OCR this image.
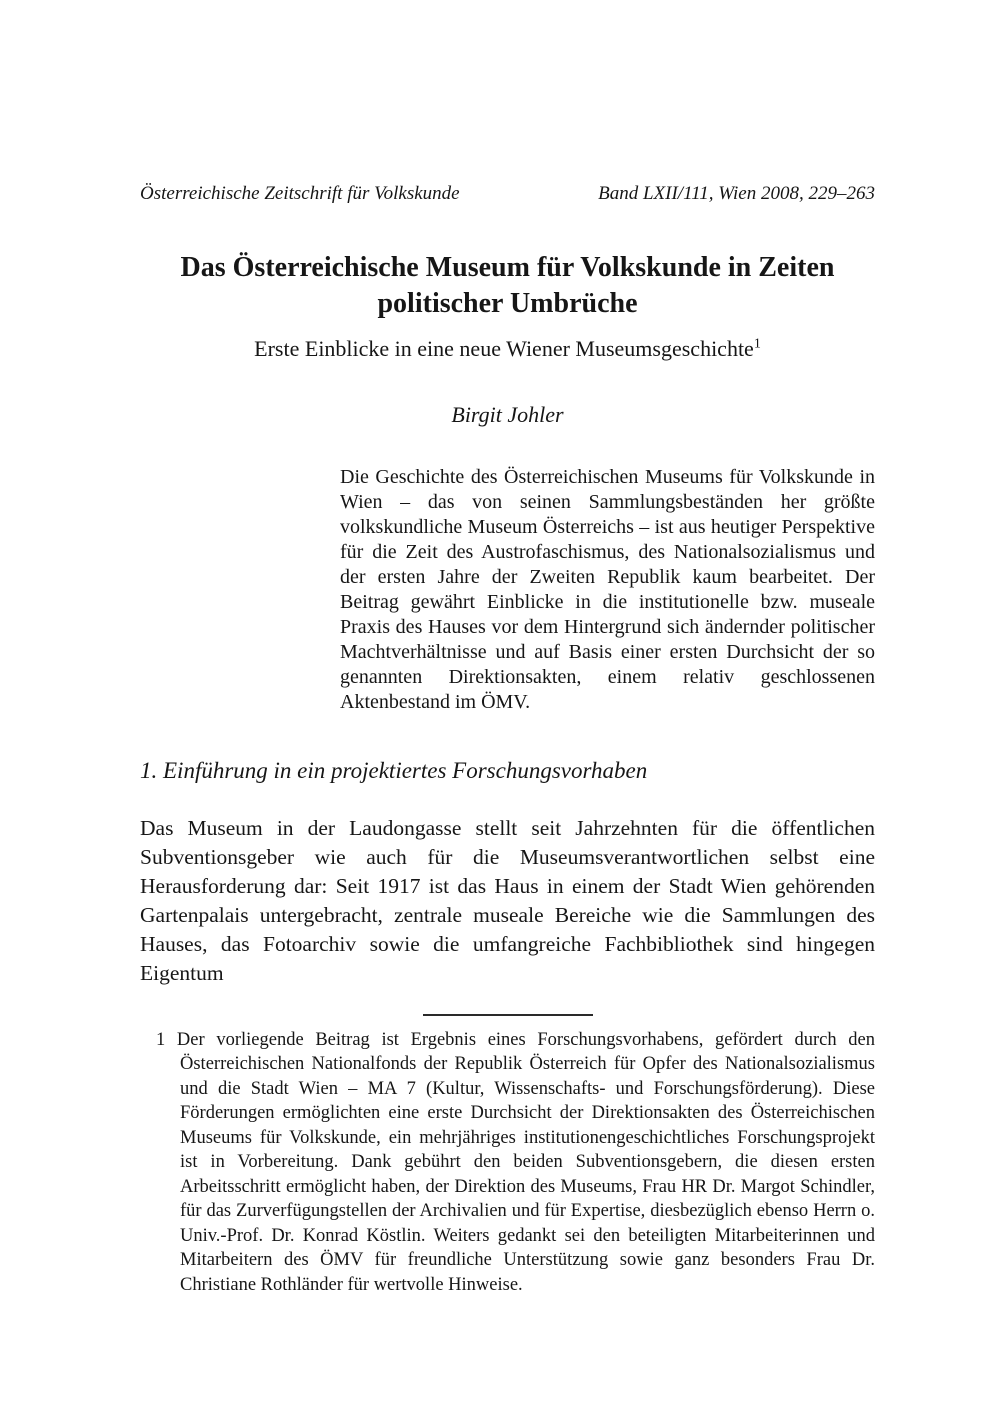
Österreichische Zeitschrift für Volkskunde	Band LXII/111, Wien 2008, 229–263
Das Österreichische Museum für Volkskunde in Zeiten politischer Umbrüche
Erste Einblicke in eine neue Wiener Museumsgeschichte$^1$
Birgit Johler

Die Geschichte des Österreichischen Museums für Volkskunde in Wien – das von seinen Sammlungsbeständen her größte volkskundliche Museum Österreichs – ist aus heutiger Perspektive für die Zeit des Austrofaschismus, des Nationalsozialismus und der ersten Jahre der Zweiten Republik kaum bearbeitet. Der Beitrag gewährt Einblicke in die institutionelle bzw. museale Praxis des Hauses vor dem Hintergrund sich ändernder politischer Machtverhältnisse und auf Basis einer ersten Durchsicht der so genannten Direktionsakten, einem relativ geschlossenen Aktenbestand im ÖMV.

1. Einführung in ein projektiertes Forschungsvorhaben

Das Museum in der Laudongasse stellt seit Jahrzehnten für die öffentlichen Subventionsgeber wie auch für die Museumsverantwortlichen selbst eine Herausforderung dar: Seit 1917 ist das Haus in einem der Stadt Wien gehörenden Gartenpalais untergebracht, zentrale museale Bereiche wie die Sammlungen des Hauses, das Fotoarchiv sowie die umfangreiche Fachbibliothek sind hingegen Eigentum

1 Der vorliegende Beitrag ist Ergebnis eines Forschungsvorhabens, gefördert durch den Österreichischen Nationalfonds der Republik Österreich für Opfer des Nationalsozialismus und die Stadt Wien – MA 7 (Kultur, Wissenschafts- und Forschungsförderung). Diese Förderungen ermöglichten eine erste Durchsicht der Direktionsakten des Österreichischen Museums für Volkskunde, ein mehrjähriges institutionengeschichtliches Forschungsprojekt ist in Vorbereitung. Dank gebührt den beiden Subventionsgebern, die diesen ersten Arbeitsschritt ermöglicht haben, der Direktion des Museums, Frau HR Dr. Margot Schindler, für das Zurverfügungstellen der Archivalien und für Expertise, diesbezüglich ebenso Herrn o. Univ.-Prof. Dr. Konrad Köstlin. Weiters gedankt sei den beteiligten Mitarbeiterinnen und Mitarbeitern des ÖMV für freundliche Unterstützung sowie ganz besonders Frau Dr. Christiane Rothländer für wertvolle Hinweise.
